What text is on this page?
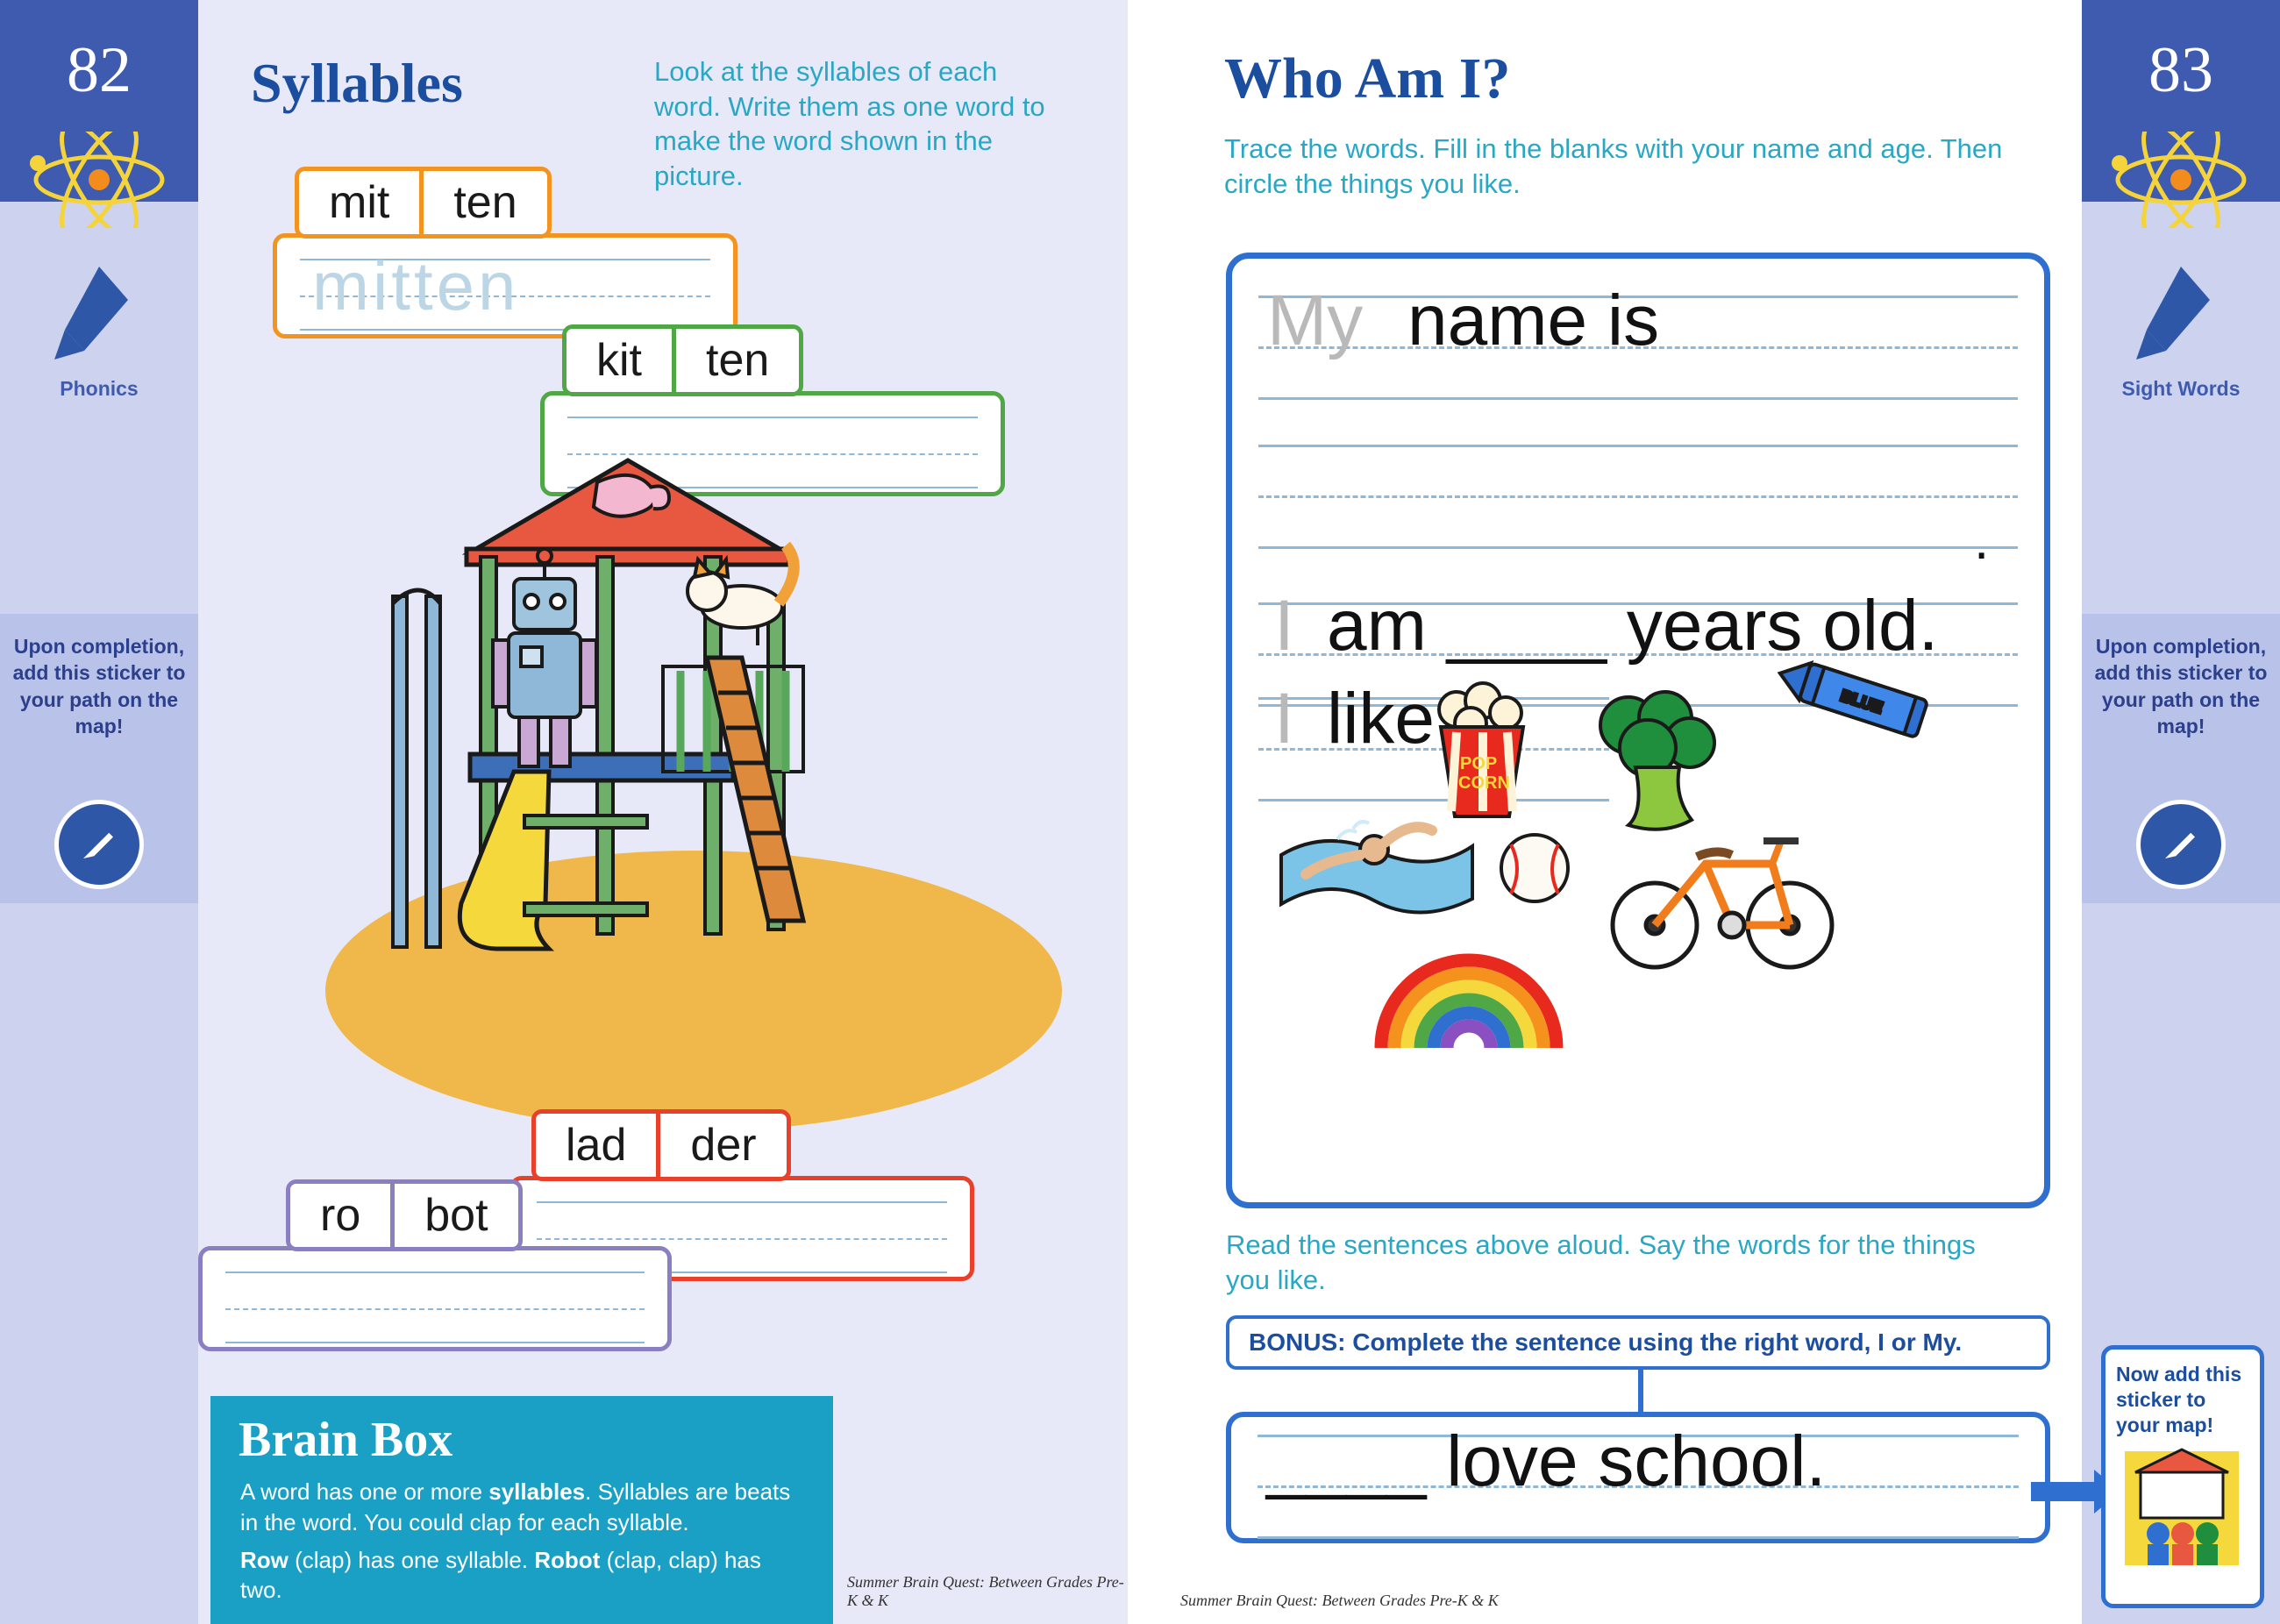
82
Phonics
Upon completion, add this sticker to your path on the map!
83
Sight Words
Upon completion, add this sticker to your path on the map!
Syllables	Look at the syllables of each word. Write them as one word to make the word shown in the picture.
mit	ten
mitten
kit	ten
lad	der
ro	bot
Brain Box

A word has one or more syllables. Syllables are beats in the word. You could clap for each syllable.

Row (clap) has one syllable. Robot (clap, clap) has two.	Summer Brain Quest: Between Grades Pre-K & K
Who Am I?
Trace the words. Fill in the blanks with your name and age. Then circle the things you like.
My name is
.
I am ____ years old.
I like
POP
CORN
BLUE
Read the sentences above aloud. Say the words for the things you like.
BONUS: Complete the sentence using the right word, I or My.
____ love school.
Summer Brain Quest: Between Grades Pre-K & K
Now add this sticker to your map!
